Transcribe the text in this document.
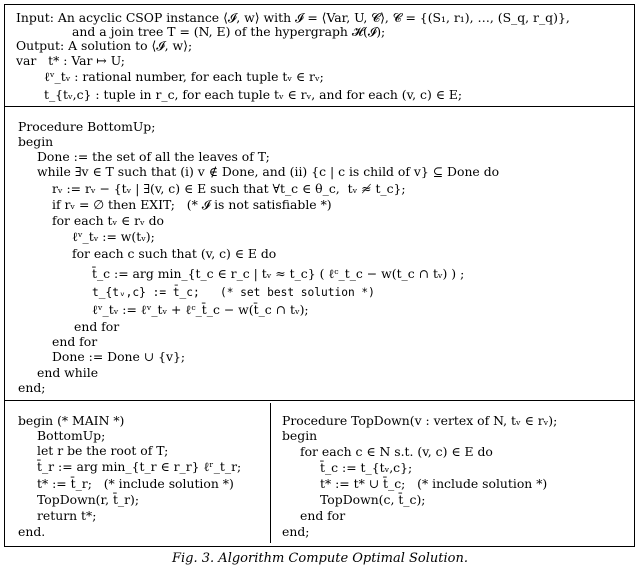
Input: An acyclic CSOP instance ⟨𝓘, w⟩ with 𝓘 = ⟨Var, U, 𝓒⟩, 𝓒 = {(S₁, r₁), …, (S_q, r_q)},
and a join tree T = (N, E) of the hypergraph 𝓗(𝓘);
Output: A solution to ⟨𝓘, w⟩;
var   t* : Var ↦ U;
ℓᵛ_tᵥ : rational number, for each tuple tᵥ ∈ rᵥ;
t_{tᵥ,c} : tuple in r_c, for each tuple tᵥ ∈ rᵥ, and for each (v, c) ∈ E;
Procedure BottomUp;
begin
Done := the set of all the leaves of T;
while ∃v ∈ T such that (i) v ∉ Done, and (ii) {c | c is child of v} ⊆ Done do
rᵥ := rᵥ − {tᵥ | ∃(v, c) ∈ E such that ∀t_c ∈ θ_c,  tᵥ ≉ t_c};
if rᵥ = ∅ then EXIT;   (* 𝓘 is not satisfiable *)
for each tᵥ ∈ rᵥ do
ℓᵛ_tᵥ := w(tᵥ);
for each c such that (v, c) ∈ E do
t̄_c := arg min_{t_c ∈ r_c | tᵥ ≈ t_c} ( ℓᶜ_t_c − w(t_c ∩ tᵥ) ) ;
t_{tᵥ,c} := t̄_c;   (* set best solution *)
ℓᵛ_tᵥ := ℓᵛ_tᵥ + ℓᶜ_t̄_c − w(t̄_c ∩ tᵥ);
end for
end for
Done := Done ∪ {v};
end while
end;
begin (* MAIN *)
BottomUp;
let r be the root of T;
t̄_r := arg min_{t_r ∈ r_r} ℓʳ_t_r;
t* := t̄_r;   (* include solution *)
TopDown(r, t̄_r);
return t*;
end.
Procedure TopDown(v : vertex of N, tᵥ ∈ rᵥ);
begin
for each c ∈ N s.t. (v, c) ∈ E do
t̄_c := t_{tᵥ,c};
t* := t* ∪ t̄_c;   (* include solution *)
TopDown(c, t̄_c);
end for
end;
Fig. 3. Algorithm Compute Optimal Solution.
